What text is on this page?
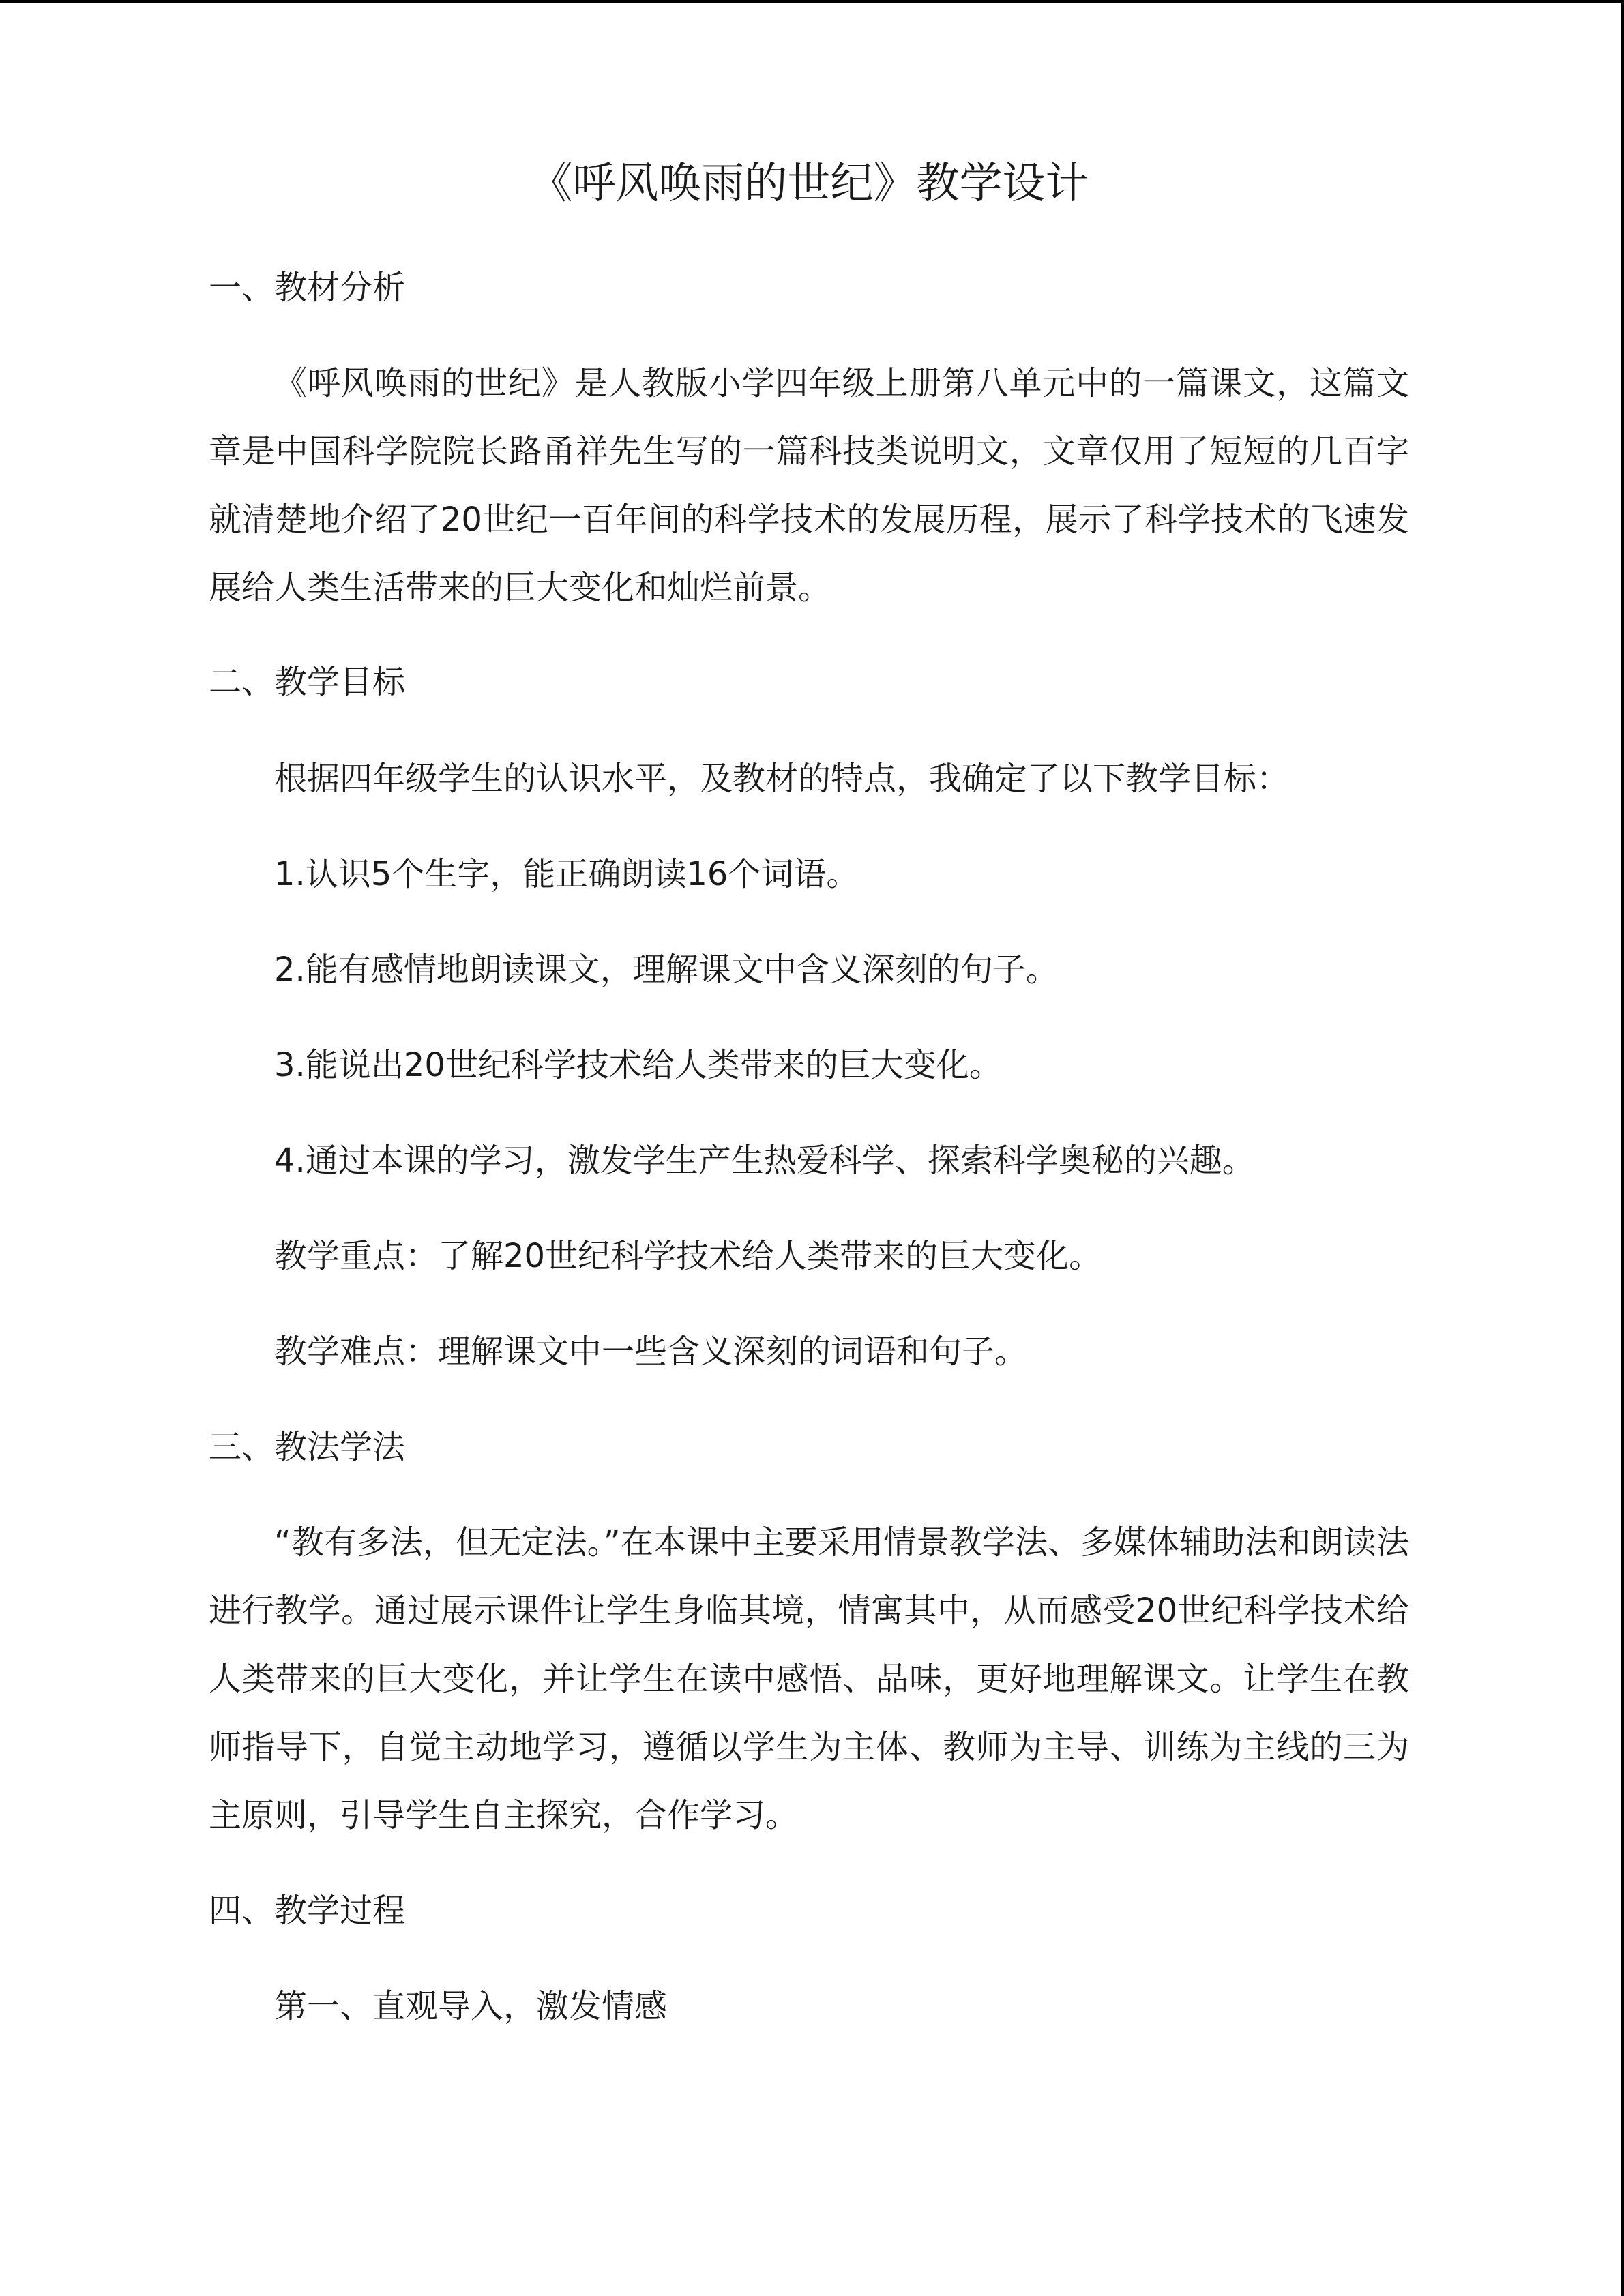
《呼风唤雨的世纪》教学设计
一、教材分析

《呼风唤雨的世纪》是人教版小学四年级上册第八单元中的一篇课文，这篇文章是中国科学院院长路甬祥先生写的一篇科技类说明文，文章仅用了短短的几百字就清楚地介绍了20世纪一百年间的科学技术的发展历程，展示了科学技术的飞速发展给人类生活带来的巨大变化和灿烂前景。

二、教学目标

根据四年级学生的认识水平，及教材的特点，我确定了以下教学目标：

1.认识5个生字，能正确朗读16个词语。

2.能有感情地朗读课文，理解课文中含义深刻的句子。

3.能说出20世纪科学技术给人类带来的巨大变化。

4.通过本课的学习，激发学生产生热爱科学、探索科学奥秘的兴趣。

教学重点：了解20世纪科学技术给人类带来的巨大变化。

教学难点：理解课文中一些含义深刻的词语和句子。

三、教法学法

“教有多法，但无定法。”在本课中主要采用情景教学法、多媒体辅助法和朗读法进行教学。通过展示课件让学生身临其境，情寓其中，从而感受20世纪科学技术给人类带来的巨大变化，并让学生在读中感悟、品味，更好地理解课文。让学生在教师指导下，自觉主动地学习，遵循以学生为主体、教师为主导、训练为主线的三为主原则，引导学生自主探究，合作学习。

四、教学过程

第一、直观导入，激发情感
